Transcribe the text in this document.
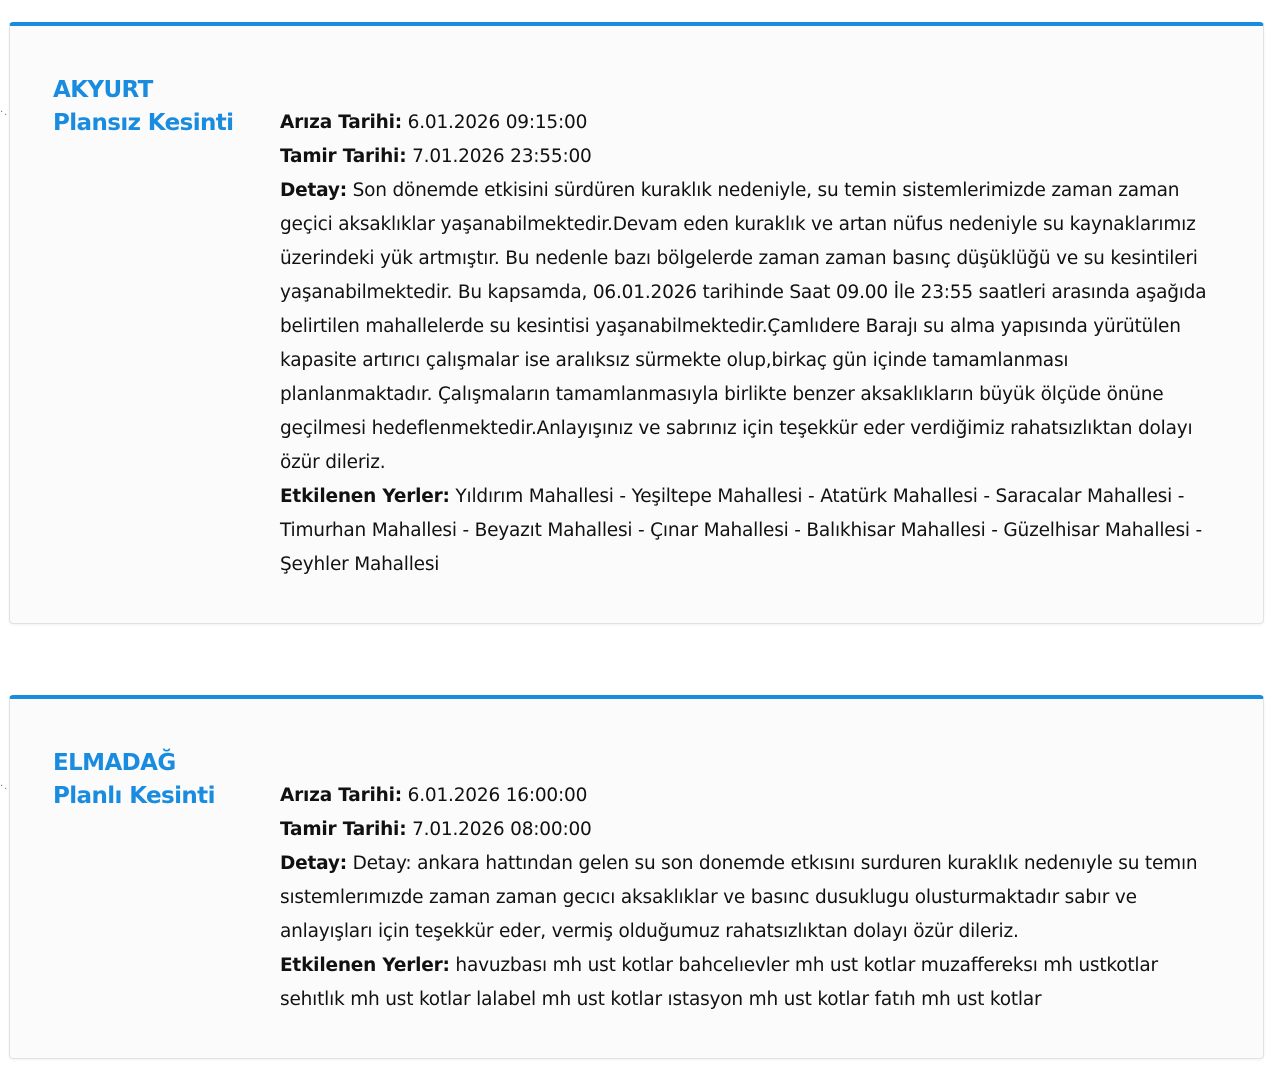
·.
AKYURT
Plansız Kesinti	Arıza Tarihi: 6.01.2026 09:15:00

Tamir Tarihi: 7.01.2026 23:55:00

Detay: Son dönemde etkisini sürdüren kuraklık nedeniyle, su temin sistemlerimizde zaman zaman geçici aksaklıklar yaşanabilmektedir.Devam eden kuraklık ve artan nüfus nedeniyle su kaynaklarımız üzerindeki yük artmıştır. Bu nedenle bazı bölgelerde zaman zaman basınç düşüklüğü ve su kesintileri yaşanabilmektedir. Bu kapsamda, 06.01.2026 tarihinde Saat 09.00 İle 23:55 saatleri arasında aşağıda belirtilen mahallelerde su kesintisi yaşanabilmektedir.Çamlıdere Barajı su alma yapısında yürütülen kapasite artırıcı çalışmalar ise aralıksız sürmekte olup,birkaç gün içinde tamamlanması planlanmaktadır. Çalışmaların tamamlanmasıyla birlikte benzer aksaklıkların büyük ölçüde önüne geçilmesi hedeflenmektedir.Anlayışınız ve sabrınız için teşekkür eder verdiğimiz rahatsızlıktan dolayı özür dileriz.

Etkilenen Yerler: Yıldırım Mahallesi - Yeşiltepe Mahallesi - Atatürk Mahallesi - Saracalar Mahallesi - Timurhan Mahallesi - Beyazıt Mahallesi - Çınar Mahallesi - Balıkhisar Mahallesi - Güzelhisar Mahallesi - Şeyhler Mahallesi

·.
ELMADAĞ
Planlı Kesinti	Arıza Tarihi: 6.01.2026 16:00:00

Tamir Tarihi: 7.01.2026 08:00:00

Detay: Detay: ankara hattından gelen su son donemde etkısını surduren kuraklık nedenıyle su temın sıstemlerımızde zaman zaman gecıcı aksaklıklar ve basınc dusuklugu olusturmaktadır sabır ve anlayışları için teşekkür eder, vermiş olduğumuz rahatsızlıktan dolayı özür dileriz.

Etkilenen Yerler: havuzbası mh ust kotlar bahcelıevler mh ust kotlar muzaffereksı mh ustkotlar sehıtlık mh ust kotlar lalabel mh ust kotlar ıstasyon mh ust kotlar fatıh mh ust kotlar
